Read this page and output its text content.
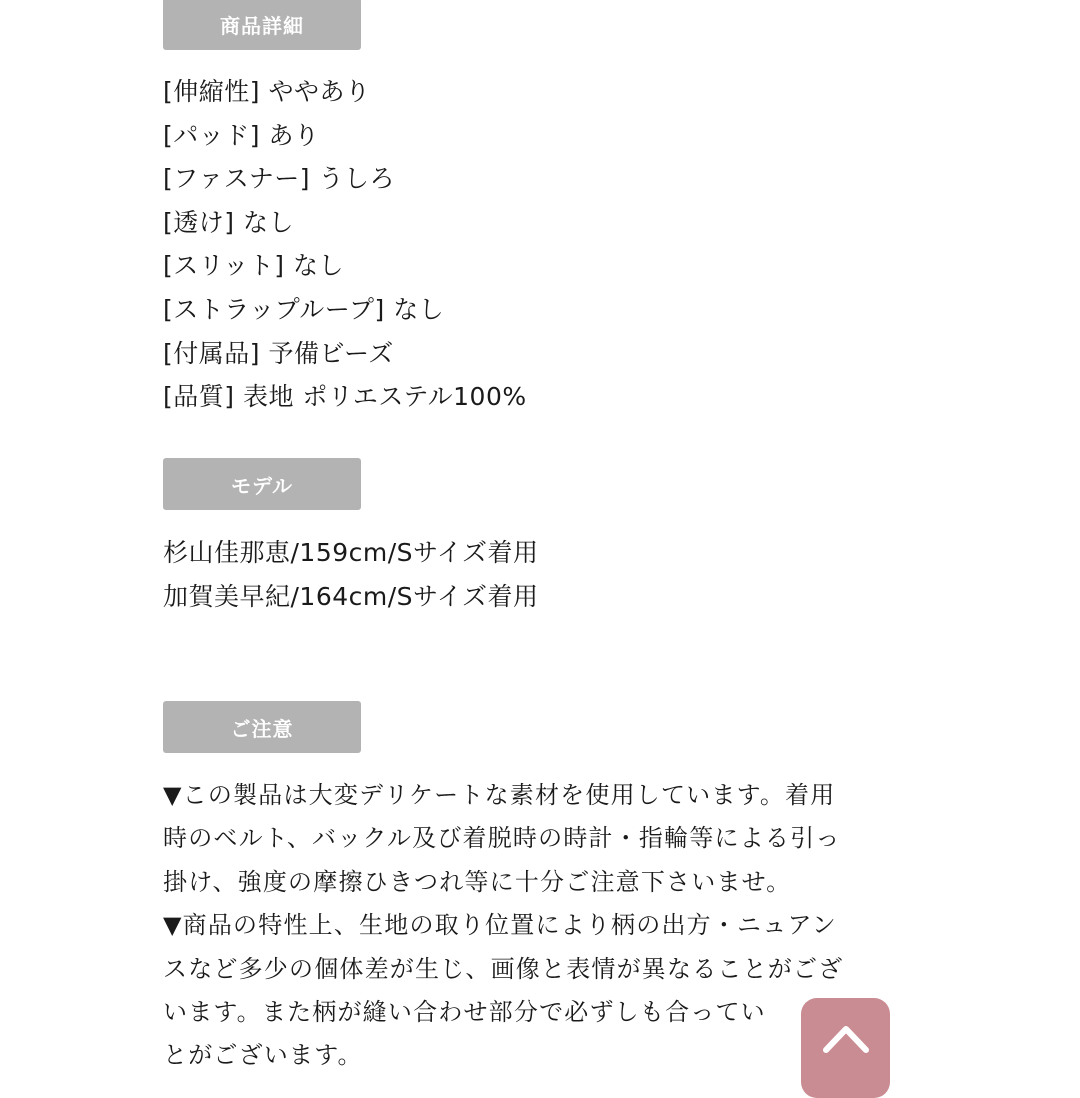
商品詳細
[伸縮性] ややあり
[パッド] あり
[ファスナー] うしろ
[透け] なし
[スリット] なし
[ストラップループ] なし
[付属品] 予備ビーズ
[品質] 表地 ポリエステル100%
モデル
杉山佳那恵/159cm/Sサイズ着用
加賀美早紀/164cm/Sサイズ着用
ご注意
▼この製品は大変デリケートな素材を使用しています。着用
時のベルト、バックル及び着脱時の時計・指輪等による引っ
掛け、強度の摩擦ひきつれ等に十分ご注意下さいませ。
▼商品の特性上、生地の取り位置により柄の出方・ニュアン
スなど多少の個体差が生じ、画像と表情が異なることがござ
います。また柄が縫い合わせ部分で必ずしも合ってい
とがございます。
